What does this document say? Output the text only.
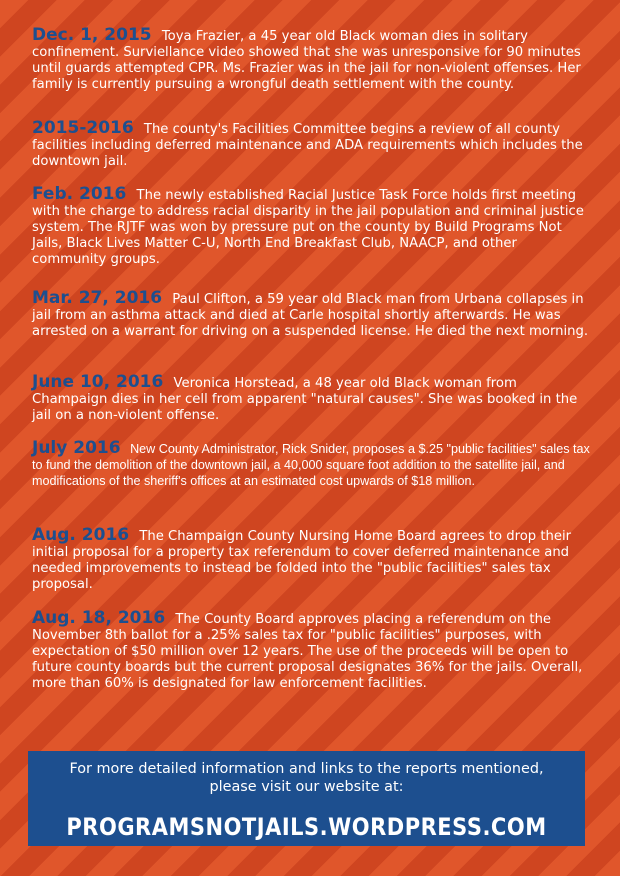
Dec. 1, 2015 Toya Frazier, a 45 year old Black woman dies in solitary confinement. Surviellance video showed that she was unresponsive for 90 minutes until guards attempted CPR. Ms. Frazier was in the jail for non-violent offenses. Her family is currently pursuing a wrongful death settlement with the county.

2015-2016 The county's Facilities Committee begins a review of all county facilities including deferred maintenance and ADA requirements which includes the downtown jail.

Feb. 2016 The newly established Racial Justice Task Force holds first meeting with the charge to address racial disparity in the jail population and criminal justice system. The RJTF was won by pressure put on the county by Build Programs Not Jails, Black Lives Matter C-U, North End Breakfast Club, NAACP, and other community groups.

Mar. 27, 2016 Paul Clifton, a 59 year old Black man from Urbana collapses in jail from an asthma attack and died at Carle hospital shortly afterwards. He was arrested on a warrant for driving on a suspended license. He died the next morning.

June 10, 2016 Veronica Horstead, a 48 year old Black woman from Champaign dies in her cell from apparent "natural causes". She was booked in the jail on a non-violent offense.

July 2016 New County Administrator, Rick Snider, proposes a $.25 "public facilities" sales tax to fund the demolition of the downtown jail, a 40,000 square foot addition to the satellite jail, and modifications of the sheriff's offices at an estimated cost upwards of $18 million.

Aug. 2016 The Champaign County Nursing Home Board agrees to drop their initial proposal for a property tax referendum to cover deferred maintenance and needed improvements to instead be folded into the "public facilities" sales tax proposal.

Aug. 18, 2016 The County Board approves placing a referendum on the November 8th ballot for a .25% sales tax for "public facilities" purposes, with expectation of $50 million over 12 years. The use of the proceeds will be open to future county boards but the current proposal designates 36% for the jails. Overall, more than 60% is designated for law enforcement facilities.

For more detailed information and links to the reports mentioned,

please visit our website at:

PROGRAMSNOTJAILS.WORDPRESS.COM
